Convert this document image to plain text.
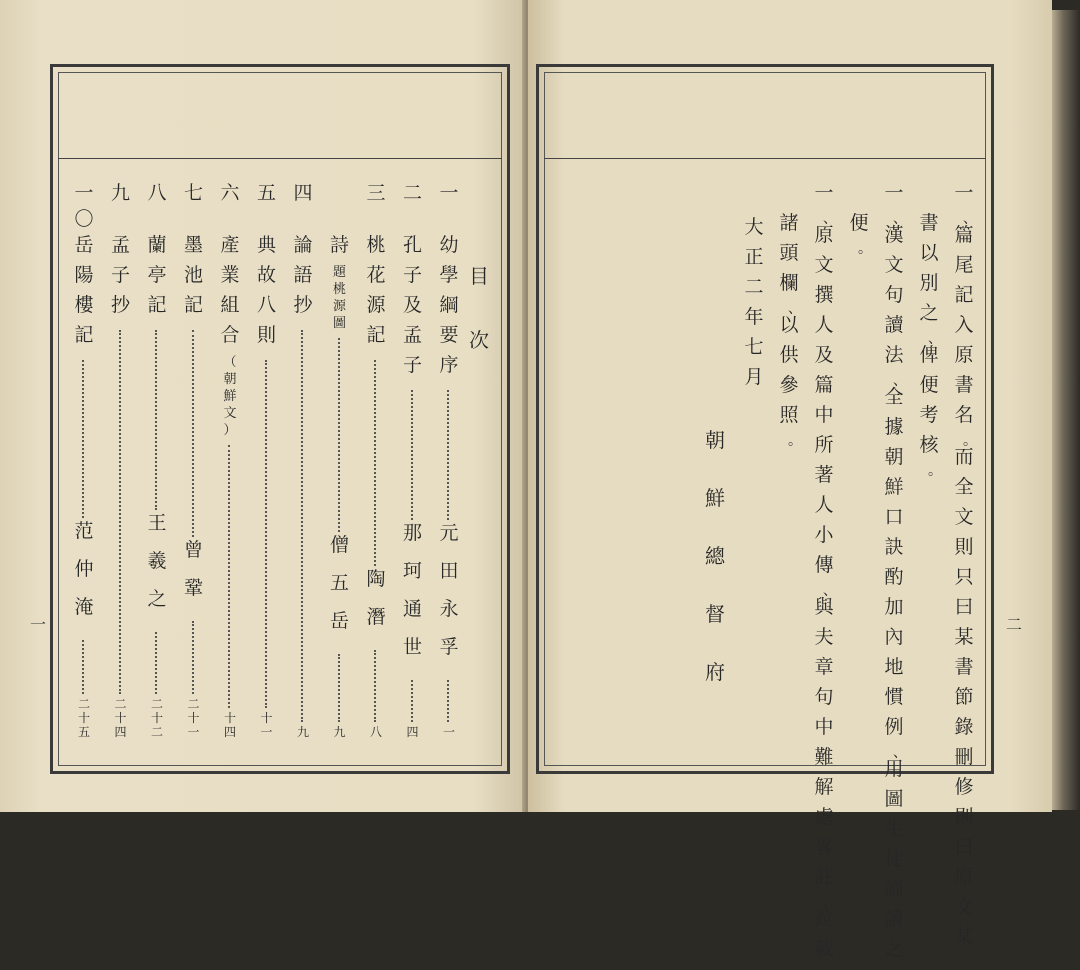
一
幼
學
綱
要
序
元
田
永
孚
一
二
孔
子
及
孟
子
那
珂
通
世
四
三
桃
花
源
記
陶
潛
八
詩
題
桃
源
圖
僧
五
岳
九
四
論
語
抄
九
五
典
故
八
則
十
一
六
產
業
組
合
（
朝
鮮
文
）
十
四
七
墨
池
記
曾
鞏
二
十
一
八
蘭
亭
記
王
羲
之
二
十
二
九
孟
子
抄
二
十
四
一
〇
岳
陽
樓
記
范
仲
淹
二
十
五
一
目
次
一
、
篇
尾
記
入
原
書
名
。
而
全
文
則
只
曰
某
書
節
錄
刪
修
則
曰
原
文
某
書
以
別
之
、
俾
便
考
核
。
一
、
漢
文
句
讀
法
、
全
據
朝
鮮
口
訣
酌
加
內
地
慣
例
、
用
圖
生
徒
誦
讀
之
便
。
一
、
原
文
撰
人
及
篇
中
所
著
人
小
傳
、
與
夫
章
句
中
難
解
處
畧
註
、
竝
載
諸
頭
欄
、
以
供
參
照
。
大
正
二
年
七
月
朝
鮮
總
督
府
二
